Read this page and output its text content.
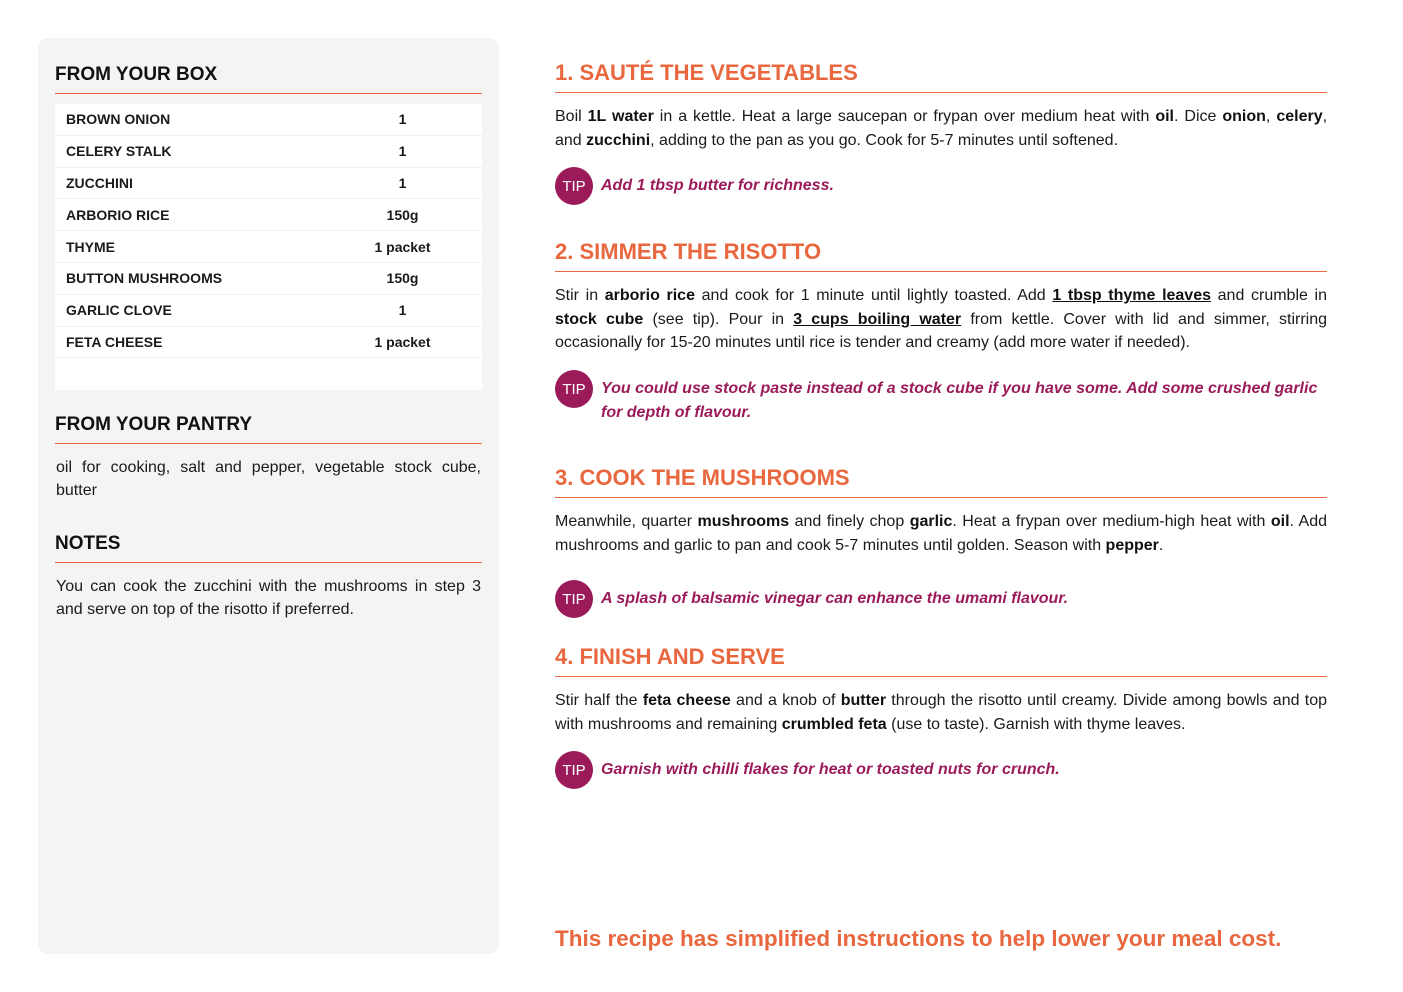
FROM YOUR BOX
BROWN ONION	1
CELERY STALK	1
ZUCCHINI	1
ARBORIO RICE	150g
THYME	1 packet
BUTTON MUSHROOMS	150g
GARLIC CLOVE	1
FETA CHEESE	1 packet
FROM YOUR PANTRY
oil for cooking, salt and pepper, vegetable stock cube, butter
NOTES
You can cook the zucchini with the mushrooms in step 3 and serve on top of the risotto if preferred.
1. SAUTÉ THE VEGETABLES
Boil 1L water in a kettle. Heat a large saucepan or frypan over medium heat with oil. Dice onion, celery, and zucchini, adding to the pan as you go. Cook for 5-7 minutes until softened.
TIP Add 1 tbsp butter for richness.
2. SIMMER THE RISOTTO
Stir in arborio rice and cook for 1 minute until lightly toasted. Add 1 tbsp thyme leaves and crumble in stock cube (see tip). Pour in 3 cups boiling water from kettle. Cover with lid and simmer, stirring occasionally for 15-20 minutes until rice is tender and creamy (add more water if needed).
TIP You could use stock paste instead of a stock cube if you have some. Add some crushed garlic for depth of flavour.
3. COOK THE MUSHROOMS
Meanwhile, quarter mushrooms and finely chop garlic. Heat a frypan over medium-high heat with oil. Add mushrooms and garlic to pan and cook 5-7 minutes until golden. Season with pepper.
TIP A splash of balsamic vinegar can enhance the umami flavour.
4. FINISH AND SERVE
Stir half the feta cheese and a knob of butter through the risotto until creamy. Divide among bowls and top with mushrooms and remaining crumbled feta (use to taste). Garnish with thyme leaves.
TIP Garnish with chilli flakes for heat or toasted nuts for crunch.
This recipe has simplified instructions to help lower your meal cost.
